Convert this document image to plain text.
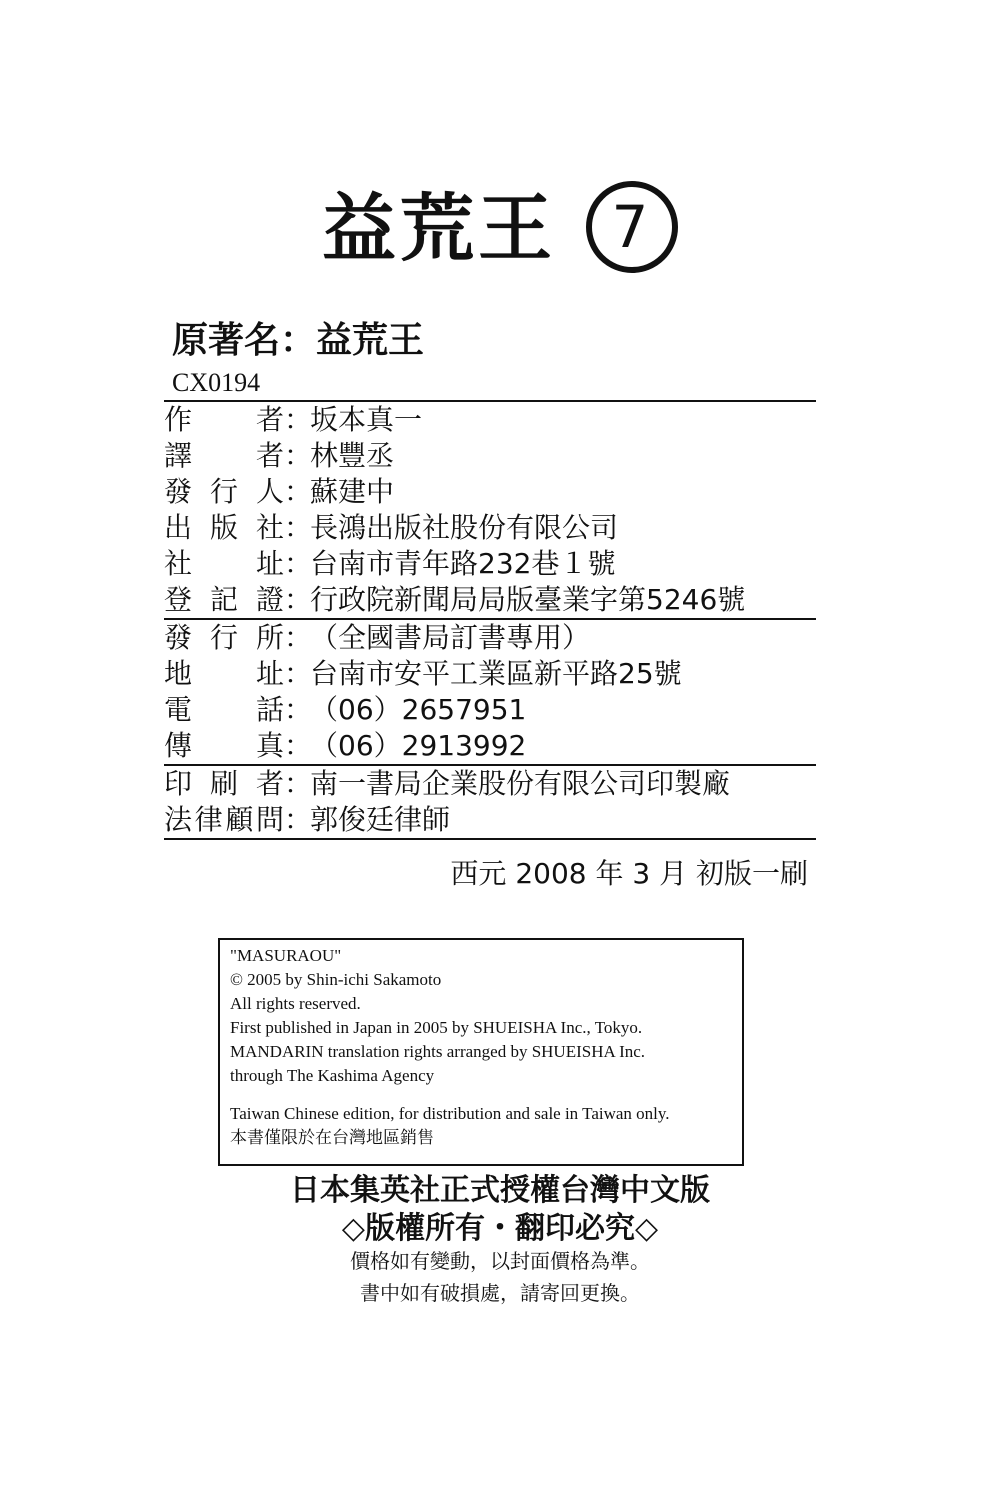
益荒王 7
原著名：益荒王
CX0194
作者：坂本真一
譯者：林豐丞
發行人：蘇建中
出版社：長鴻出版社股份有限公司
社址：台南市青年路232巷１號
登記證：行政院新聞局局版臺業字第5246號
發行所：（全國書局訂書專用）
地址：台南市安平工業區新平路25號
電話：（06）2657951
傳真：（06）2913992
印刷者：南一書局企業股份有限公司印製廠
法律顧問：郭俊廷律師
西元 2008 年 3 月 初版一刷
"MASURAOU"
© 2005 by Shin-ichi Sakamoto
All rights reserved.
First published in Japan in 2005 by SHUEISHA Inc., Tokyo.
MANDARIN translation rights arranged by SHUEISHA Inc.
through The Kashima Agency
Taiwan Chinese edition, for distribution and sale in Taiwan only.
本書僅限於在台灣地區銷售
日本集英社正式授權台灣中文版
◇版權所有・翻印必究◇
價格如有變動，以封面價格為準。
書中如有破損處，請寄回更換。
